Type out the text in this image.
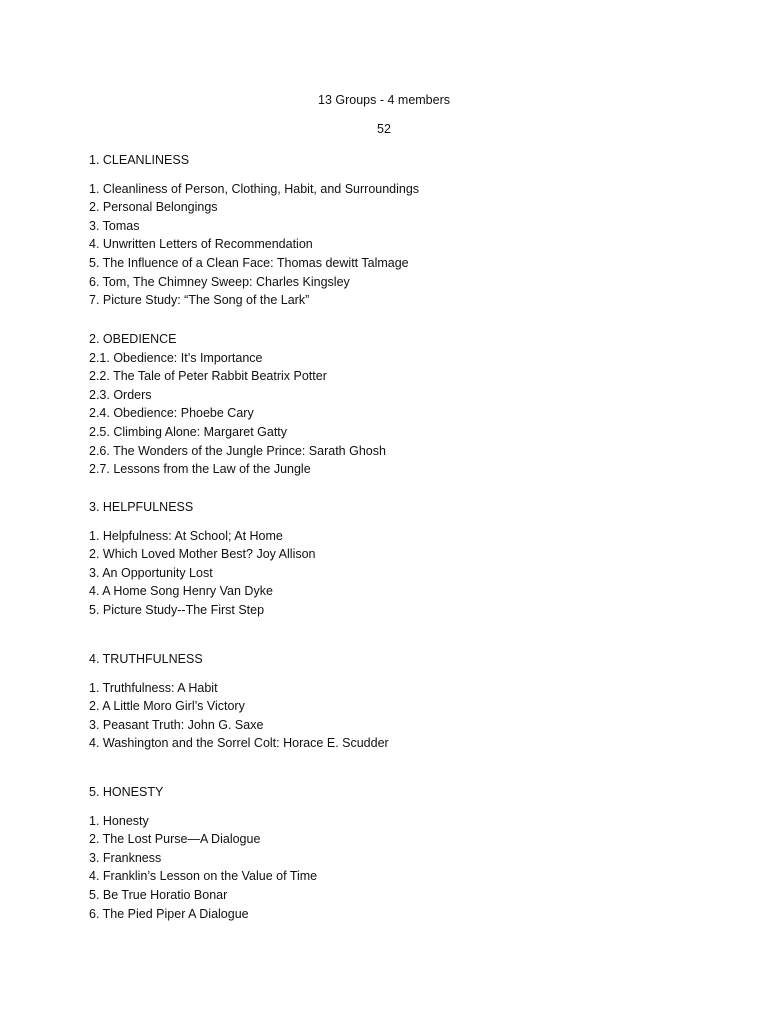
13 Groups - 4 members
52
1. CLEANLINESS
1. Cleanliness of Person, Clothing, Habit, and Surroundings
2. Personal Belongings
3. Tomas
4. Unwritten Letters of Recommendation
5. The Influence of a Clean Face: Thomas dewitt Talmage
6. Tom, The Chimney Sweep: Charles Kingsley
7. Picture Study: “The Song of the Lark”
2. OBEDIENCE
2.1. Obedience: It’s Importance
2.2. The Tale of Peter Rabbit Beatrix Potter
2.3. Orders
2.4. Obedience: Phoebe Cary
2.5. Climbing Alone: Margaret Gatty
2.6. The Wonders of the Jungle Prince: Sarath Ghosh
2.7. Lessons from the Law of the Jungle
3. HELPFULNESS
1. Helpfulness: At School; At Home
2. Which Loved Mother Best? Joy Allison
3. An Opportunity Lost
4. A Home Song Henry Van Dyke
5. Picture Study--The First Step
4. TRUTHFULNESS
1. Truthfulness: A Habit
2. A Little Moro Girl’s Victory
3. Peasant Truth: John G. Saxe
4. Washington and the Sorrel Colt: Horace E. Scudder
5. HONESTY
1. Honesty
2. The Lost Purse—A Dialogue
3. Frankness
4. Franklin’s Lesson on the Value of Time
5. Be True Horatio Bonar
6. The Pied Piper A Dialogue
